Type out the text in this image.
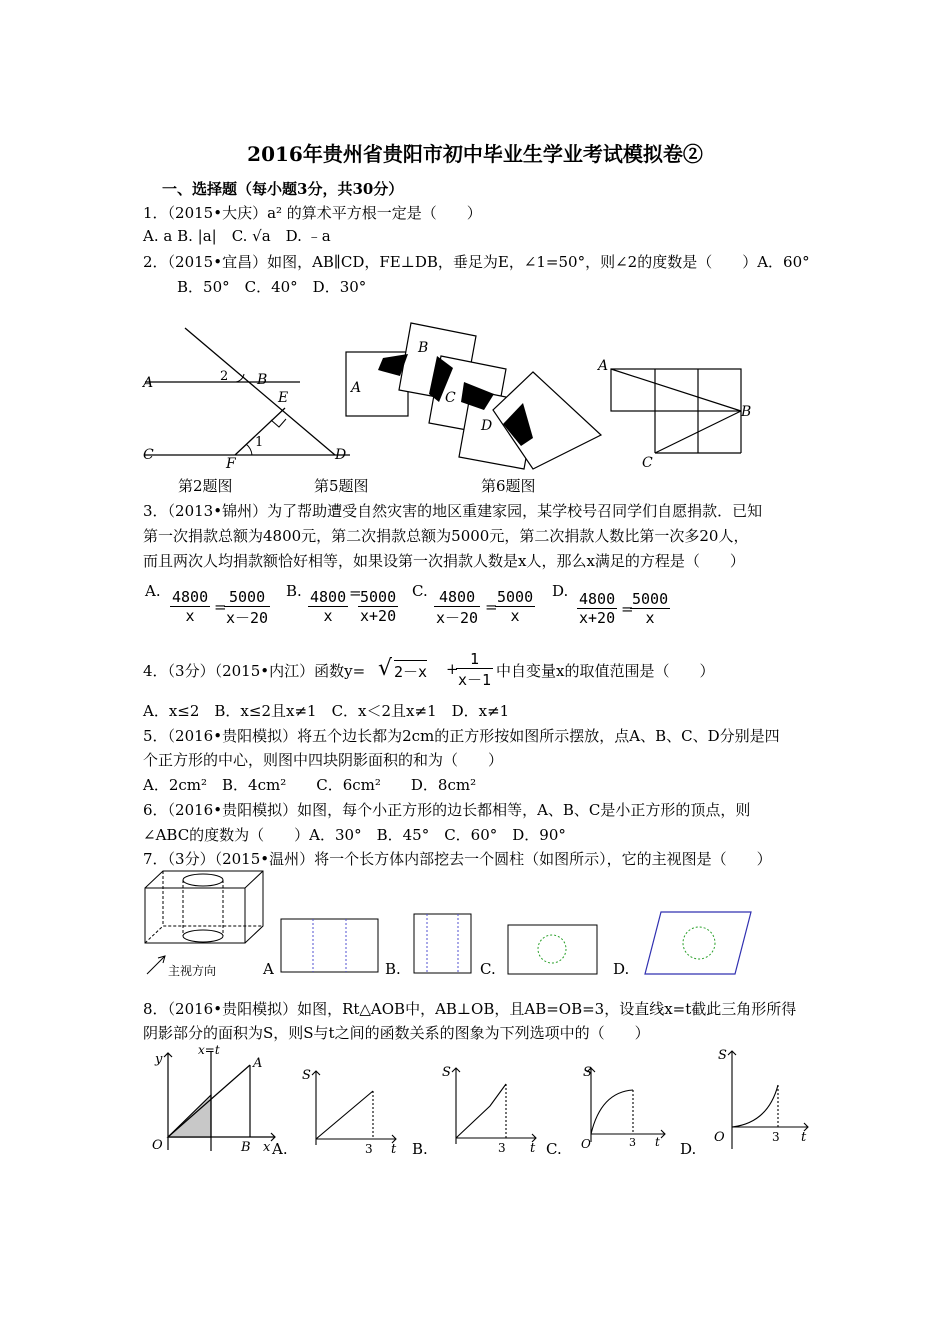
2016年贵州省贵阳市初中毕业生学业考试模拟卷②
一、选择题（每小题3分，共30分）
1．（2015•大庆）a² 的算术平方根一定是（　　）
A. a B. |a|　C. √a　D. ﹣a
2．（2015•宜昌）如图，AB∥CD，FE⊥DB，垂足为E，∠1=50°，则∠2的度数是（　　）A．60°
B．50°　C．40°　D．30°
A	B
C	D
E
F
1
2
A
B
C
D
A
B
C
第2题图	第5题图	第6题图
3．（2013•锦州）为了帮助遭受自然灾害的地区重建家园，某学校号召同学们自愿捐款．已知
第一次捐款总额为4800元，第二次捐款总额为5000元，第二次捐款人数比第一次多20人，
而且两次人均捐款额恰好相等，如果设第一次捐款人数是x人，那么x满足的方程是（　　）
A. $\frac{4800}{x}$ =
$\frac{5000}{x-20} B$. $\frac{4800}{x}$ =
$\frac{5000}{x+20} C$. $\frac{4800}{x-20}$ =
$\frac{5000}{x} D$. $\frac{4800}{x+20}$ =
$\frac{5000}{x}$
4．（3分）（2015•内江）函数y= √ 2－x +
$\frac{1}{x-1}$ 中自变量x的取值范围是（　　）
A．x≤2　B．x≤2且x≠1　C．x＜2且x≠1　D．x≠1
5．（2016•贵阳模拟）将五个边长都为2cm的正方形按如图所示摆放，点A、B、C、D分别是四
个正方形的中心，则图中四块阴影面积的和为（　　）
A．2cm²　B．4cm²　　C．6cm²　　D．8cm²
6．（2016•贵阳模拟）如图，每个小正方形的边长都相等，A、B、C是小正方形的顶点，则
∠ABC的度数为（　　）A．30°　B．45°　C．60°　D．90°
7．（3分）（2015•温州）将一个长方体内部挖去一个圆柱（如图所示），它的主视图是（　　）
主视方向	A	B.	C.	D.
8．（2016•贵阳模拟）如图，Rt△AOB中，AB⊥OB，且AB=OB=3，设直线x=t截此三角形所得
阴影部分的面积为S，则S与t之间的函数关系的图象为下列选项中的（　　）
y
x
O	B
A
x=t
A.
S
t
3	B.
S
t
3	C.
S
t
3
O	D.
S
t
3
O
